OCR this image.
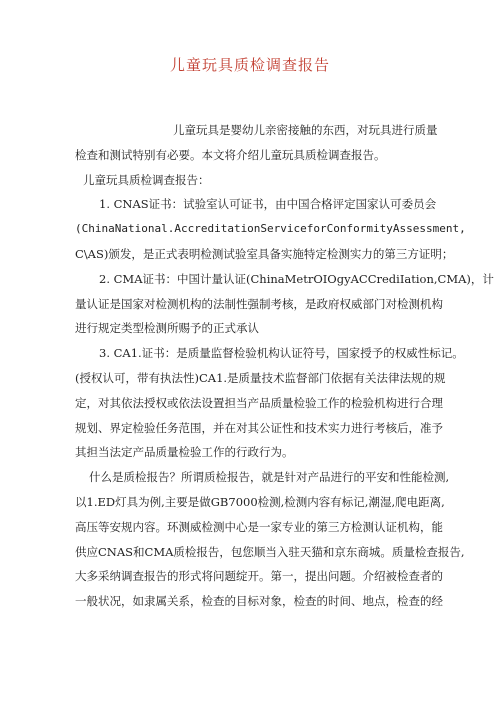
儿童玩具质检调查报告
儿童玩具是婴幼儿亲密接触的东西，对玩具进行质量
检查和测试特别有必要。本文将介绍儿童玩具质检调查报告。
儿童玩具质检调查报告：
1. CNAS证书：试验室认可证书，由中国合格评定国家认可委员会
(ChinaNational.AccreditationServiceforConformityAssessment,
C\AS)颁发，是正式表明检测试验室具备实施特定检测实力的第三方证明；
2. CMA证书：中国计量认证(ChinaMetrOIOgyACCrediIation,CMA)，计
量认证是国家对检测机构的法制性强制考核，是政府权威部门对检测机构
进行规定类型检测所赐予的正式承认
3. CA1.证书：是质量监督检验机构认证符号，国家授予的权威性标记。
(授权认可，带有执法性)CA1.是质量技术监督部门依据有关法律法规的规
定，对其依法授权或依法设置担当产品质量检验工作的检验机构进行合理
规划、界定检验任务范围，并在对其公证性和技术实力进行考核后，准予
其担当法定产品质量检验工作的行政行为。
什么是质检报告？所谓质检报告，就是针对产品进行的平安和性能检测,
以1.ED灯具为例,主要是做GB7000检测,检测内容有标记,潮湿,爬电距离,
高压等安规内容。环测威检测中心是一家专业的第三方检测认证机构，能
供应CNAS和CMA质检报告，包您顺当入驻天猫和京东商城。质量检查报告,
大多采纳调查报告的形式将问题绽开。第一，提出问题。介绍被检查者的
一般状况，如隶属关系，检查的目标对象，检查的时间、地点，检查的经
